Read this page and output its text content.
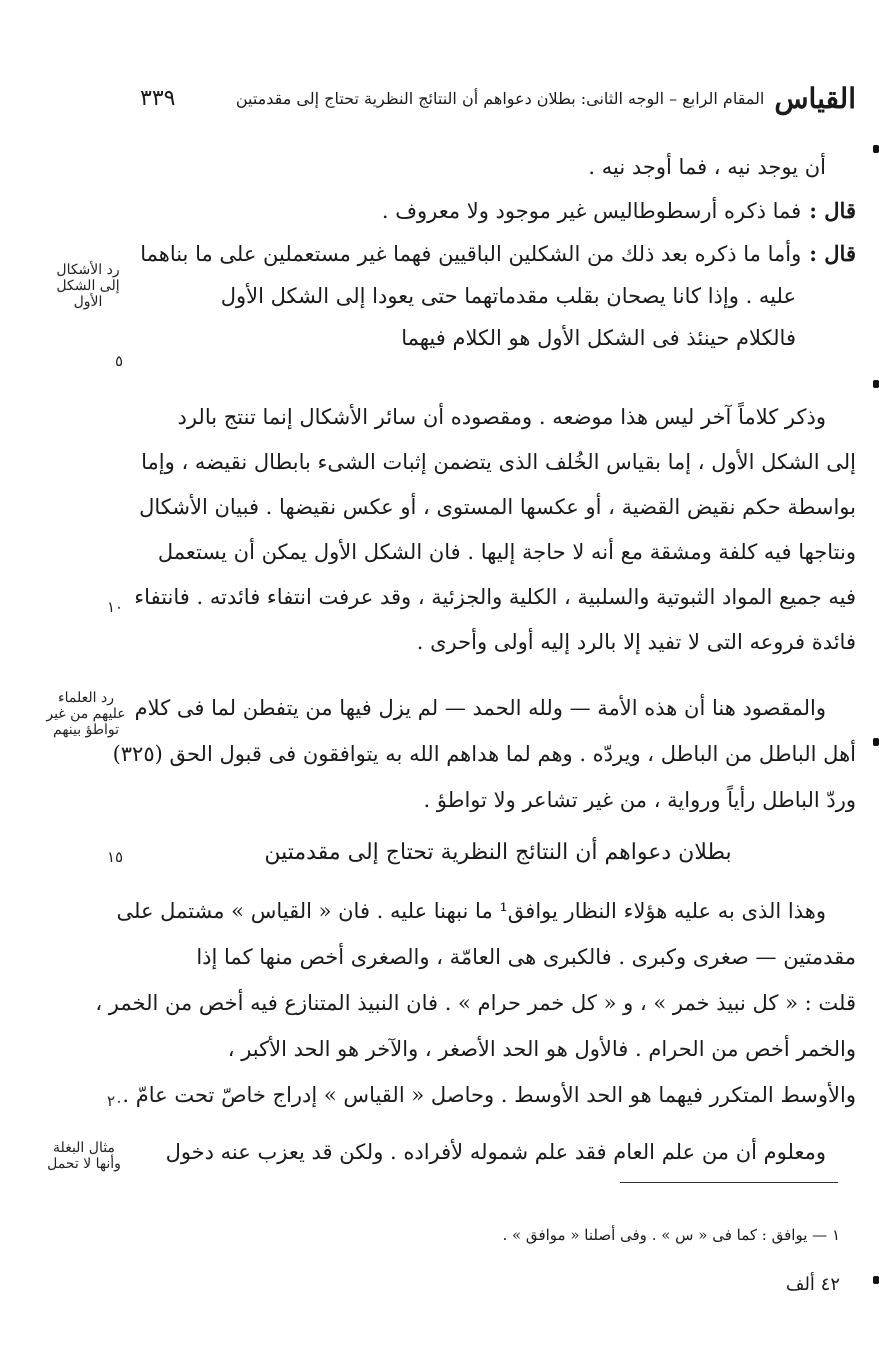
القياس
المقام الرابع – الوجه الثانى: بطلان دعواهم أن النتائج النظرية تحتاج إلى مقدمتين
٣٣٩

أن يوجد نيه ، فما أوجد نيه .

قال :فما ذكره أرسطوطاليس غير موجود ولا معروف .

قال :وأما ما ذكره بعد ذلك من الشكلين الباقيين فهما غير مستعملين على ما بناهما

عليه . وإذا كانا يصحان بقلب مقدماتهما حتى يعودا إلى الشكل الأول

فالكلام حينئذ فى الشكل الأول هو الكلام فيهما

وذكر كلاماً آخر ليس هذا موضعه . ومقصوده أن سائر الأشكال إنما تنتج بالرد

إلى الشكل الأول ، إما بقياس الخُلف الذى يتضمن إثبات الشىء بابطال نقيضه ، وإما

بواسطة حكم نقيض القضية ، أو عكسها المستوى ، أو عكس نقيضها . فبيان الأشكال

ونتاجها فيه كلفة ومشقة مع أنه لا حاجة إليها . فان الشكل الأول يمكن أن يستعمل

فيه جميع المواد الثبوتية والسلبية ، الكلية والجزئية ، وقد عرفت انتفاء فائدته . فانتفاء

فائدة فروعه التى لا تفيد إلا بالرد إليه أولى وأحرى .

والمقصود هنا أن هذه الأمة — ولله الحمد — لم يزل فيها من يتفطن لما فى كلام

أهل الباطل من الباطل ، ويردّه . وهم لما هداهم الله به يتوافقون فى قبول الحق (٣٢٥)

وردّ الباطل رأياً ورواية ، من غير تشاعر ولا تواطؤ .

بطلان دعواهم أن النتائج النظرية تحتاج إلى مقدمتين

وهذا الذى به عليه هؤلاء النظار يوافق¹ ما نبهنا عليه . فان « القياس » مشتمل على

مقدمتين — صغرى وكبرى . فالكبرى هى العامّة ، والصغرى أخص منها كما إذا

قلت : « كل نبيذ خمر » ، و « كل خمر حرام » . فان النبيذ المتنازع فيه أخص من الخمر ،

والخمر أخص من الحرام . فالأول هو الحد الأصغر ، والآخر هو الحد الأكبر ،

والأوسط المتكرر فيهما هو الحد الأوسط . وحاصل « القياس » إدراج خاصّ تحت عامّ .

ومعلوم أن من علم العام فقد علم شموله لأفراده . ولكن قد يعزب عنه دخول

رد الأشكال إلى الشكل الأول
رد العلماء عليهم من غير تواطؤ بينهم
مثال البغلة وأنها لا تحمل
٥
١٠
١٥
٢٠
١ — يوافق : كما فى « س » . وفى أصلنا « موافق » .
٤٢ ألف
